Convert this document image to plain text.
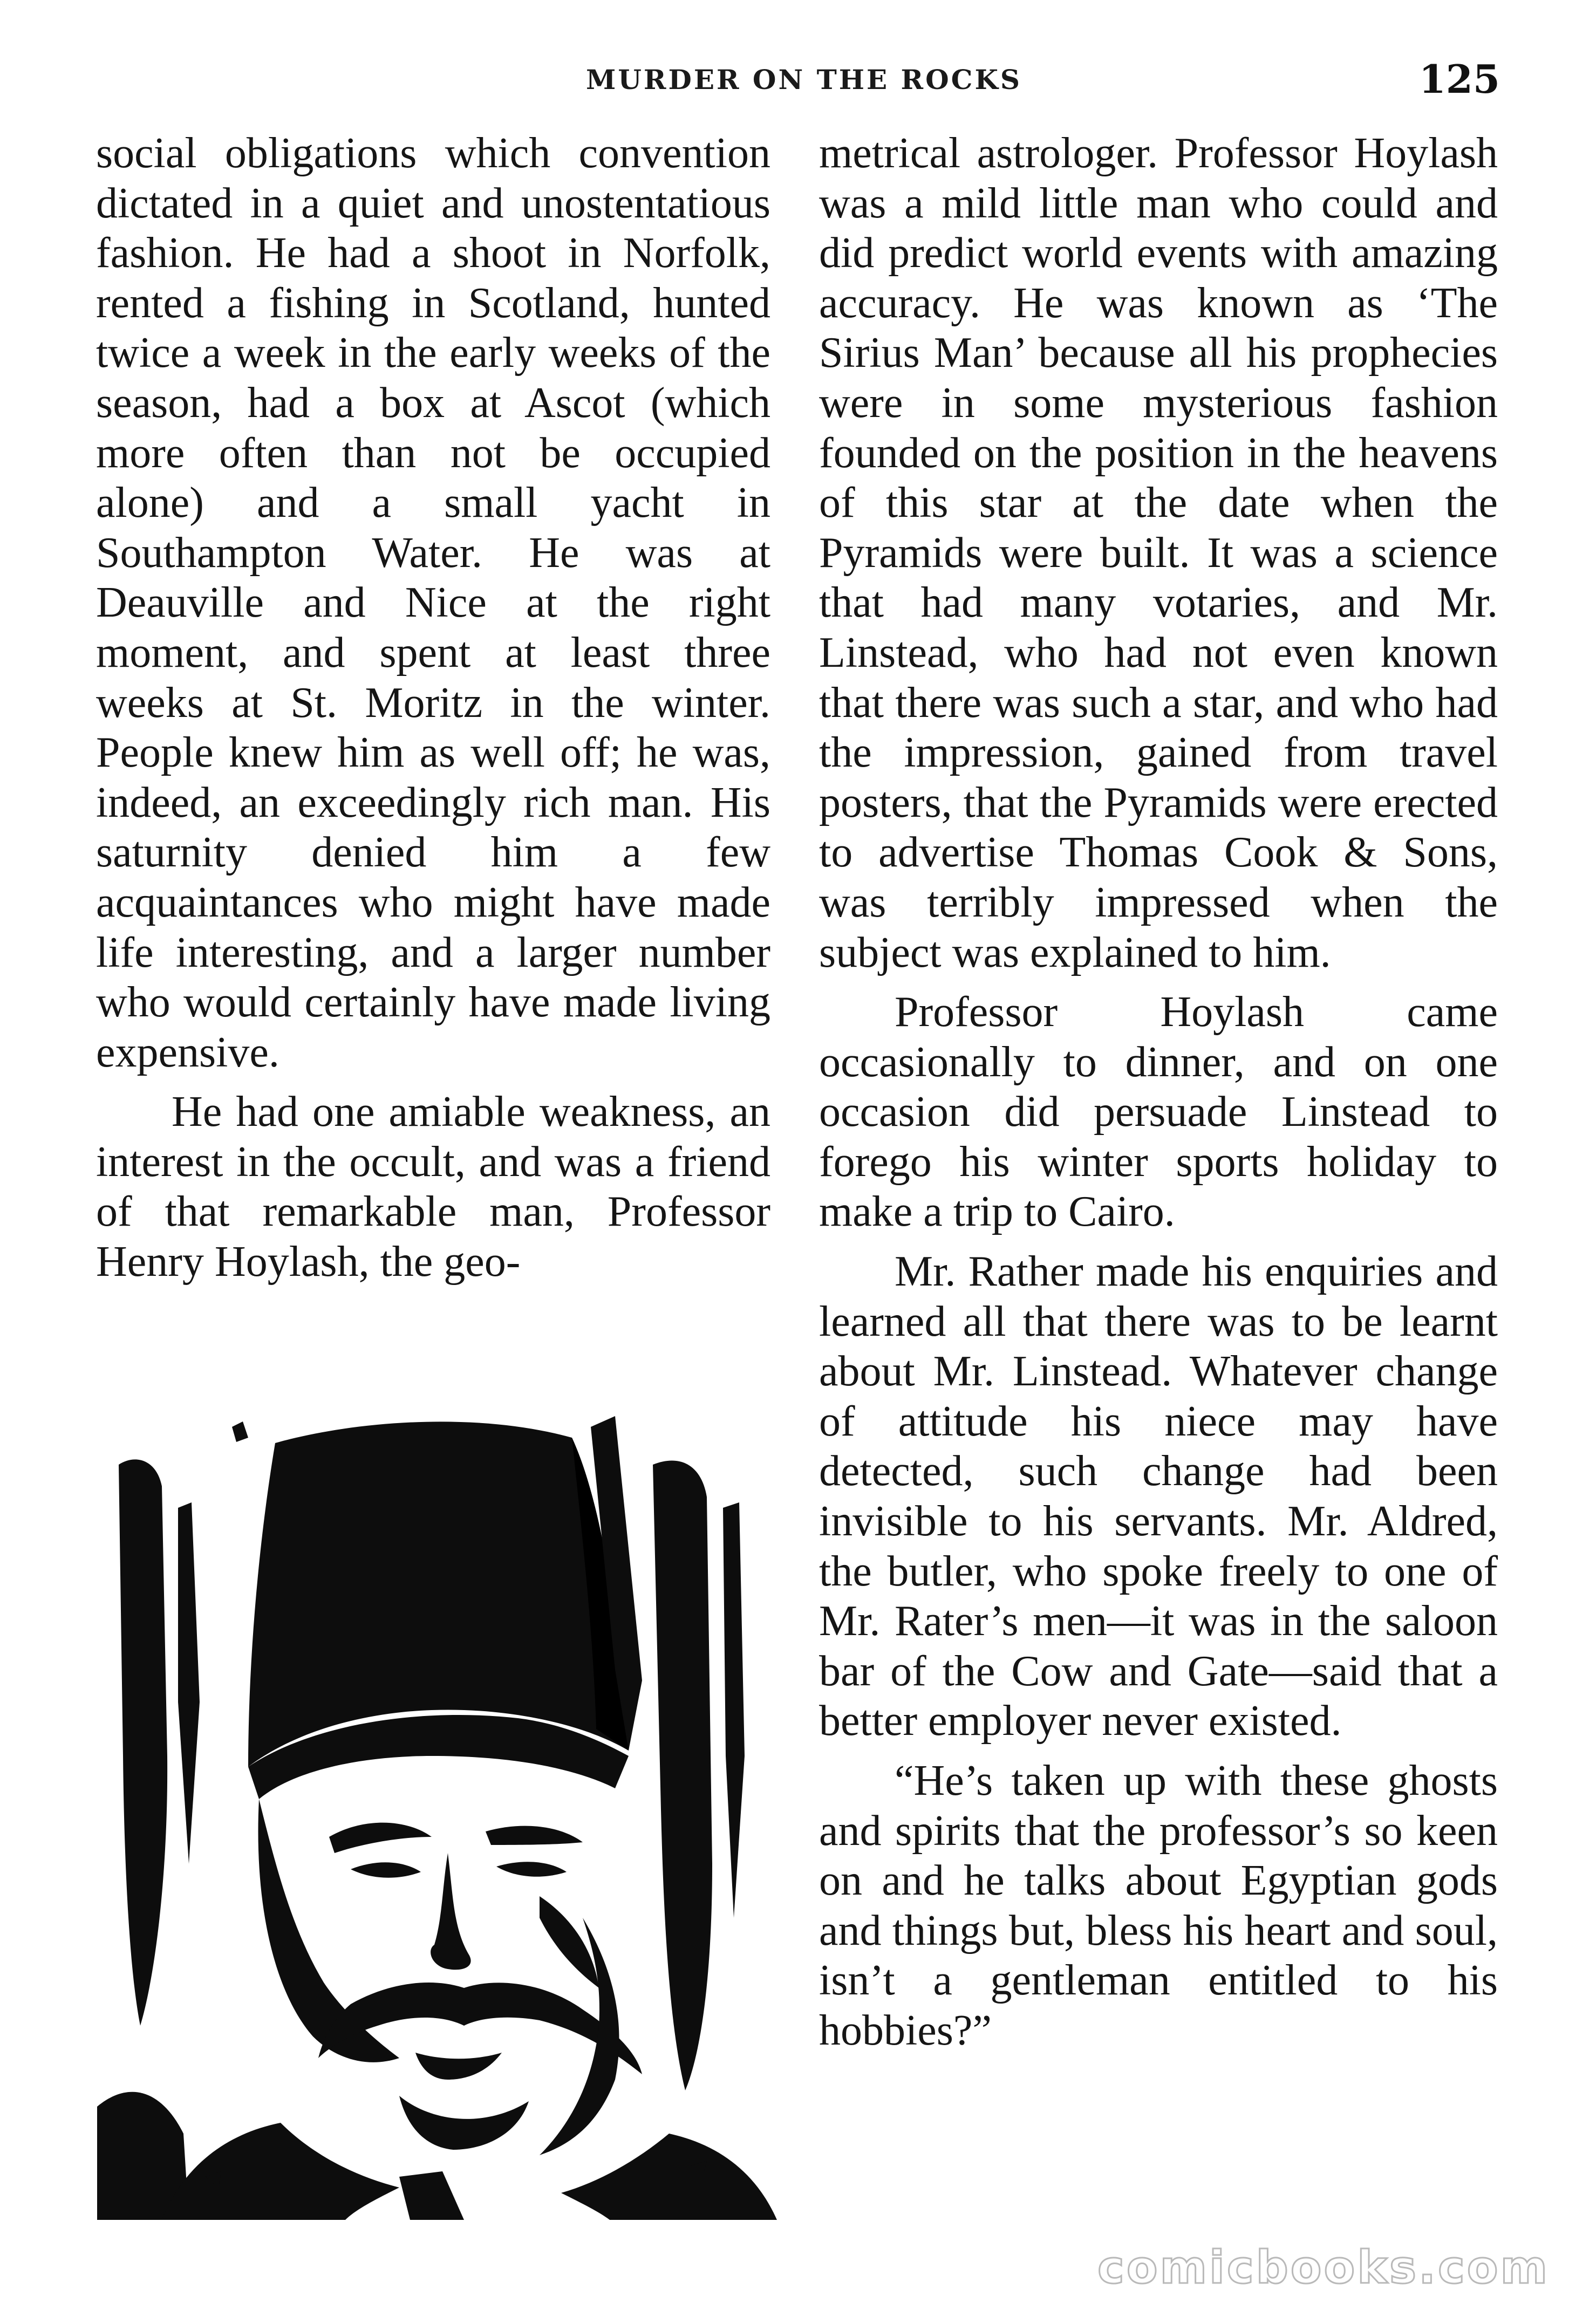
MURDER ON THE ROCKS	125

social obligations which convention dictated in a quiet and unostentatious fashion. He had a shoot in Norfolk, rented a fishing in Scotland, hunted twice a week in the early weeks of the season, had a box at Ascot (which more often than not be occupied alone) and a small yacht in Southampton Water. He was at Deauville and Nice at the right moment, and spent at least three weeks at St. Moritz in the winter. People knew him as well off; he was, indeed, an exceedingly rich man. His saturnity denied him a few acquaintances who might have made life interesting, and a larger number who would certainly have made living expensive.

He had one amiable weakness, an interest in the occult, and was a friend of that remarkable man, Professor Henry Hoylash, the geo-

metrical astrologer. Professor Hoylash was a mild little man who could and did predict world events with amazing accuracy. He was known as ‘The Sirius Man’ because all his prophecies were in some mysterious fashion founded on the position in the heavens of this star at the date when the Pyramids were built. It was a science that had many votaries, and Mr. Linstead, who had not even known that there was such a star, and who had the impression, gained from travel posters, that the Pyramids were erected to advertise Thomas Cook & Sons, was terribly impressed when the subject was explained to him.

Professor Hoylash came occasionally to dinner, and on one occasion did persuade Linstead to forego his winter sports holiday to make a trip to Cairo.

Mr. Rather made his enquiries and learned all that there was to be learnt about Mr. Linstead. Whatever change of attitude his niece may have detected, such change had been invisible to his servants. Mr. Aldred, the butler, who spoke freely to one of Mr. Rater’s men—it was in the saloon bar of the Cow and Gate—said that a better employer never existed.

“He’s taken up with these ghosts and spirits that the professor’s so keen on and he talks about Egyptian gods and things but, bless his heart and soul, isn’t a gentleman entitled to his hobbies?”

comicbooks.com
